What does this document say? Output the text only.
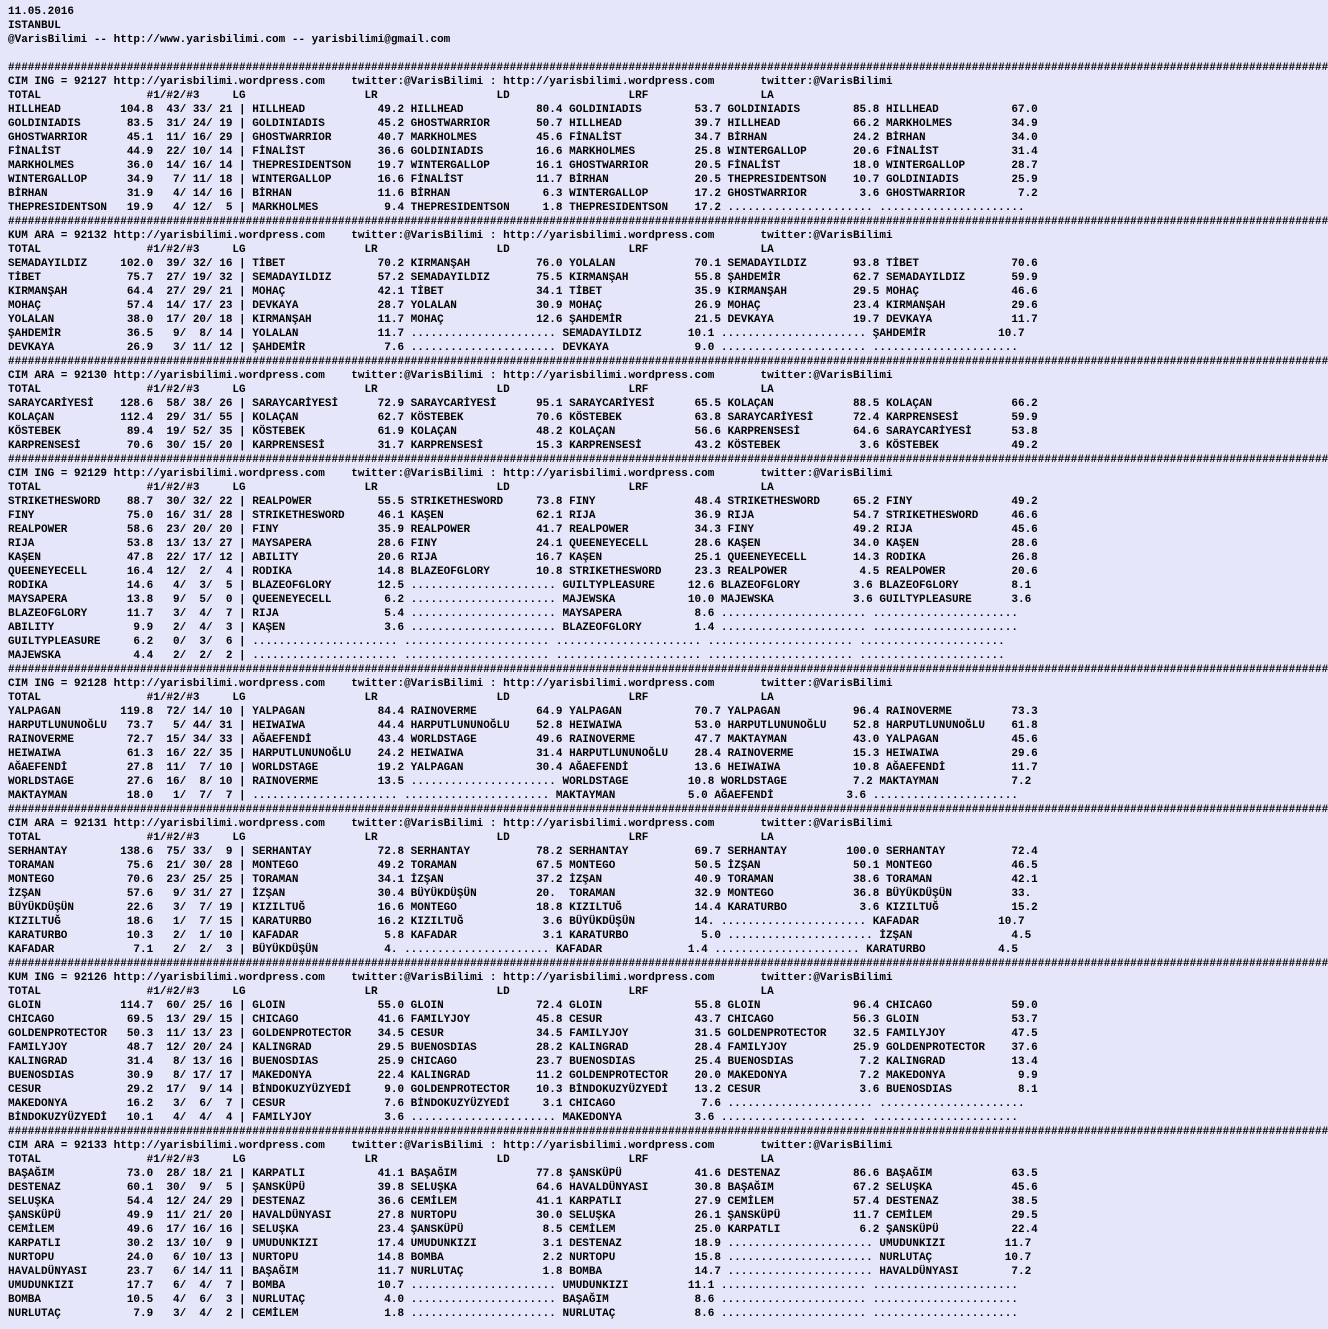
11.05.2016
ISTANBUL
@VarisBilimi -- http://www.yarisbilimi.com -- yarisbilimi@gmail.com
########################################################################################################################################################################################################
CIM ING = 92127 http://yarisbilimi.wordpress.com    twitter:@VarisBilimi : http://yarisbilimi.wordpress.com       twitter:@VarisBilimi
TOTAL                #1/#2/#3     LG                  LR                  LD                  LRF                 LA
HILLHEAD         104.8  43/ 33/ 21 | HILLHEAD           49.2 HILLHEAD           80.4 GOLDINIADIS        53.7 GOLDINIADIS        85.8 HILLHEAD           67.0
GOLDINIADIS       83.5  31/ 24/ 19 | GOLDINIADIS        45.2 GHOSTWARRIOR       50.7 HILLHEAD           39.7 HILLHEAD           66.2 MARKHOLMES         34.9
GHOSTWARRIOR      45.1  11/ 16/ 29 | GHOSTWARRIOR       40.7 MARKHOLMES         45.6 FİNALİST           34.7 BİRHAN             24.2 BİRHAN             34.0
FİNALİST          44.9  22/ 10/ 14 | FİNALİST           36.6 GOLDINIADIS        16.6 MARKHOLMES         25.8 WINTERGALLOP       20.6 FİNALİST           31.4
MARKHOLMES        36.0  14/ 16/ 14 | THEPRESIDENTSON    19.7 WINTERGALLOP       16.1 GHOSTWARRIOR       20.5 FİNALİST           18.0 WINTERGALLOP       28.7
WINTERGALLOP      34.9   7/ 11/ 18 | WINTERGALLOP       16.6 FİNALİST           11.7 BİRHAN             20.5 THEPRESIDENTSON    10.7 GOLDINIADIS        25.9
BİRHAN            31.9   4/ 14/ 16 | BİRHAN             11.6 BİRHAN              6.3 WINTERGALLOP       17.2 GHOSTWARRIOR        3.6 GHOSTWARRIOR        7.2
THEPRESIDENTSON   19.9   4/ 12/  5 | MARKHOLMES          9.4 THEPRESIDENTSON     1.8 THEPRESIDENTSON    17.2 ...................... ......................
########################################################################################################################################################################################################
KUM ARA = 92132 http://yarisbilimi.wordpress.com    twitter:@VarisBilimi : http://yarisbilimi.wordpress.com       twitter:@VarisBilimi
TOTAL                #1/#2/#3     LG                  LR                  LD                  LRF                 LA
SEMADAYILDIZ     102.0  39/ 32/ 16 | TİBET              70.2 KIRMANŞAH          76.0 YOLALAN            70.1 SEMADAYILDIZ       93.8 TİBET              70.6
TİBET             75.7  27/ 19/ 32 | SEMADAYILDIZ       57.2 SEMADAYILDIZ       75.5 KIRMANŞAH          55.8 ŞAHDEMİR           62.7 SEMADAYILDIZ       59.9
KIRMANŞAH         64.4  27/ 29/ 21 | MOHAÇ              42.1 TİBET              34.1 TİBET              35.9 KIRMANŞAH          29.5 MOHAÇ              46.6
MOHAÇ             57.4  14/ 17/ 23 | DEVKAYA            28.7 YOLALAN            30.9 MOHAÇ              26.9 MOHAÇ              23.4 KIRMANŞAH          29.6
YOLALAN           38.0  17/ 20/ 18 | KIRMANŞAH          11.7 MOHAÇ              12.6 ŞAHDEMİR           21.5 DEVKAYA            19.7 DEVKAYA            11.7
ŞAHDEMİR          36.5   9/  8/ 14 | YOLALAN            11.7 ...................... SEMADAYILDIZ       10.1 ...................... ŞAHDEMİR           10.7
DEVKAYA           26.9   3/ 11/ 12 | ŞAHDEMİR            7.6 ...................... DEVKAYA             9.0 ...................... ......................
########################################################################################################################################################################################################
CIM ARA = 92130 http://yarisbilimi.wordpress.com    twitter:@VarisBilimi : http://yarisbilimi.wordpress.com       twitter:@VarisBilimi
TOTAL                #1/#2/#3     LG                  LR                  LD                  LRF                 LA
SARAYCARİYESİ    128.6  58/ 38/ 26 | SARAYCARİYESİ      72.9 SARAYCARİYESİ      95.1 SARAYCARİYESİ      65.5 KOLAÇAN            88.5 KOLAÇAN            66.2
KOLAÇAN          112.4  29/ 31/ 55 | KOLAÇAN            62.7 KÖSTEBEK           70.6 KÖSTEBEK           63.8 SARAYCARİYESİ      72.4 KARPRENSESİ        59.9
KÖSTEBEK          89.4  19/ 52/ 35 | KÖSTEBEK           61.9 KOLAÇAN            48.2 KOLAÇAN            56.6 KARPRENSESİ        64.6 SARAYCARİYESİ      53.8
KARPRENSESİ       70.6  30/ 15/ 20 | KARPRENSESİ        31.7 KARPRENSESİ        15.3 KARPRENSESİ        43.2 KÖSTEBEK            3.6 KÖSTEBEK           49.2
########################################################################################################################################################################################################
CIM ING = 92129 http://yarisbilimi.wordpress.com    twitter:@VarisBilimi : http://yarisbilimi.wordpress.com       twitter:@VarisBilimi
TOTAL                #1/#2/#3     LG                  LR                  LD                  LRF                 LA
STRIKETHESWORD    88.7  30/ 32/ 22 | REALPOWER          55.5 STRIKETHESWORD     73.8 FINY               48.4 STRIKETHESWORD     65.2 FINY               49.2
FINY              75.0  16/ 31/ 28 | STRIKETHESWORD     46.1 KAŞEN              62.1 RIJA               36.9 RIJA               54.7 STRIKETHESWORD     46.6
REALPOWER         58.6  23/ 20/ 20 | FINY               35.9 REALPOWER          41.7 REALPOWER          34.3 FINY               49.2 RIJA               45.6
RIJA              53.8  13/ 13/ 27 | MAYSAPERA          28.6 FINY               24.1 QUEENEYECELL       28.6 KAŞEN              34.0 KAŞEN              28.6
KAŞEN             47.8  22/ 17/ 12 | ABILITY            20.6 RIJA               16.7 KAŞEN              25.1 QUEENEYECELL       14.3 RODIKA             26.8
QUEENEYECELL      16.4  12/  2/  4 | RODIKA             14.8 BLAZEOFGLORY       10.8 STRIKETHESWORD     23.3 REALPOWER           4.5 REALPOWER          20.6
RODIKA            14.6   4/  3/  5 | BLAZEOFGLORY       12.5 ...................... GUILTYPLEASURE     12.6 BLAZEOFGLORY        3.6 BLAZEOFGLORY        8.1
MAYSAPERA         13.8   9/  5/  0 | QUEENEYECELL        6.2 ...................... MAJEWSKA           10.0 MAJEWSKA            3.6 GUILTYPLEASURE      3.6
BLAZEOFGLORY      11.7   3/  4/  7 | RIJA                5.4 ...................... MAYSAPERA           8.6 ...................... ......................
ABILITY            9.9   2/  4/  3 | KAŞEN               3.6 ...................... BLAZEOFGLORY        1.4 ...................... ......................
GUILTYPLEASURE     6.2   0/  3/  6 | ...................... ...................... ...................... ...................... ......................
MAJEWSKA           4.4   2/  2/  2 | ...................... ...................... ...................... ...................... ......................
########################################################################################################################################################################################################
CIM ING = 92128 http://yarisbilimi.wordpress.com    twitter:@VarisBilimi : http://yarisbilimi.wordpress.com       twitter:@VarisBilimi
TOTAL                #1/#2/#3     LG                  LR                  LD                  LRF                 LA
YALPAGAN         119.8  72/ 14/ 10 | YALPAGAN           84.4 RAINOVERME         64.9 YALPAGAN           70.7 YALPAGAN           96.4 RAINOVERME         73.3
HARPUTLUNUNOĞLU   73.7   5/ 44/ 31 | HEIWAIWA           44.4 HARPUTLUNUNOĞLU    52.8 HEIWAIWA           53.0 HARPUTLUNUNOĞLU    52.8 HARPUTLUNUNOĞLU    61.8
RAINOVERME        72.7  15/ 34/ 33 | AĞAEFENDİ          43.4 WORLDSTAGE         49.6 RAINOVERME         47.7 MAKTAYMAN          43.0 YALPAGAN           45.6
HEIWAIWA          61.3  16/ 22/ 35 | HARPUTLUNUNOĞLU    24.2 HEIWAIWA           31.4 HARPUTLUNUNOĞLU    28.4 RAINOVERME         15.3 HEIWAIWA           29.6
AĞAEFENDİ         27.8  11/  7/ 10 | WORLDSTAGE         19.2 YALPAGAN           30.4 AĞAEFENDİ          13.6 HEIWAIWA           10.8 AĞAEFENDİ          11.7
WORLDSTAGE        27.6  16/  8/ 10 | RAINOVERME         13.5 ...................... WORLDSTAGE         10.8 WORLDSTAGE          7.2 MAKTAYMAN           7.2
MAKTAYMAN         18.0   1/  7/  7 | ...................... ...................... MAKTAYMAN           5.0 AĞAEFENDİ           3.6 ......................
########################################################################################################################################################################################################
CIM ARA = 92131 http://yarisbilimi.wordpress.com    twitter:@VarisBilimi : http://yarisbilimi.wordpress.com       twitter:@VarisBilimi
TOTAL                #1/#2/#3     LG                  LR                  LD                  LRF                 LA
SERHANTAY        138.6  75/ 33/  9 | SERHANTAY          72.8 SERHANTAY          78.2 SERHANTAY          69.7 SERHANTAY         100.0 SERHANTAY          72.4
TORAMAN           75.6  21/ 30/ 28 | MONTEGO            49.2 TORAMAN            67.5 MONTEGO            50.5 İZŞAN              50.1 MONTEGO            46.5
MONTEGO           70.6  23/ 25/ 25 | TORAMAN            34.1 İZŞAN              37.2 İZŞAN              40.9 TORAMAN            38.6 TORAMAN            42.1
İZŞAN             57.6   9/ 31/ 27 | İZŞAN              30.4 BÜYÜKDÜŞÜN         20.  TORAMAN            32.9 MONTEGO            36.8 BÜYÜKDÜŞÜN         33.
BÜYÜKDÜŞÜN        22.6   3/  7/ 19 | KIZILTUĞ           16.6 MONTEGO            18.8 KIZILTUĞ           14.4 KARATURBO           3.6 KIZILTUĞ           15.2
KIZILTUĞ          18.6   1/  7/ 15 | KARATURBO          16.2 KIZILTUĞ            3.6 BÜYÜKDÜŞÜN         14. ...................... KAFADAR            10.7
KARATURBO         10.3   2/  1/ 10 | KAFADAR             5.8 KAFADAR             3.1 KARATURBO           5.0 ...................... İZŞAN               4.5
KAFADAR            7.1   2/  2/  3 | BÜYÜKDÜŞÜN          4. ...................... KAFADAR             1.4 ...................... KARATURBO           4.5
########################################################################################################################################################################################################
KUM ING = 92126 http://yarisbilimi.wordpress.com    twitter:@VarisBilimi : http://yarisbilimi.wordpress.com       twitter:@VarisBilimi
TOTAL                #1/#2/#3     LG                  LR                  LD                  LRF                 LA
GLOIN            114.7  60/ 25/ 16 | GLOIN              55.0 GLOIN              72.4 GLOIN              55.8 GLOIN              96.4 CHICAGO            59.0
CHICAGO           69.5  13/ 29/ 15 | CHICAGO            41.6 FAMILYJOY          45.8 CESUR              43.7 CHICAGO            56.3 GLOIN              53.7
GOLDENPROTECTOR   50.3  11/ 13/ 23 | GOLDENPROTECTOR    34.5 CESUR              34.5 FAMILYJOY          31.5 GOLDENPROTECTOR    32.5 FAMILYJOY          47.5
FAMILYJOY         48.7  12/ 20/ 24 | KALINGRAD          29.5 BUENOSDIAS         28.2 KALINGRAD          28.4 FAMILYJOY          25.9 GOLDENPROTECTOR    37.6
KALINGRAD         31.4   8/ 13/ 16 | BUENOSDIAS         25.9 CHICAGO            23.7 BUENOSDIAS         25.4 BUENOSDIAS          7.2 KALINGRAD          13.4
BUENOSDIAS        30.9   8/ 17/ 17 | MAKEDONYA          22.4 KALINGRAD          11.2 GOLDENPROTECTOR    20.0 MAKEDONYA           7.2 MAKEDONYA           9.9
CESUR             29.2  17/  9/ 14 | BİNDOKUZYÜZYEDİ     9.0 GOLDENPROTECTOR    10.3 BİNDOKUZYÜZYEDİ    13.2 CESUR               3.6 BUENOSDIAS          8.1
MAKEDONYA         16.2   3/  6/  7 | CESUR               7.6 BİNDOKUZYÜZYEDİ     3.1 CHICAGO             7.6 ...................... ......................
BİNDOKUZYÜZYEDİ   10.1   4/  4/  4 | FAMILYJOY           3.6 ...................... MAKEDONYA           3.6 ...................... ......................
########################################################################################################################################################################################################
CIM ARA = 92133 http://yarisbilimi.wordpress.com    twitter:@VarisBilimi : http://yarisbilimi.wordpress.com       twitter:@VarisBilimi
TOTAL                #1/#2/#3     LG                  LR                  LD                  LRF                 LA
BAŞAĞIM           73.0  28/ 18/ 21 | KARPATLI           41.1 BAŞAĞIM            77.8 ŞANSKÜPÜ           41.6 DESTENAZ           86.6 BAŞAĞIM            63.5
DESTENAZ          60.1  30/  9/  5 | ŞANSKÜPÜ           39.8 SELUŞKA            64.6 HAVALDÜNYASI       30.8 BAŞAĞIM            67.2 SELUŞKA            45.6
SELUŞKA           54.4  12/ 24/ 29 | DESTENAZ           36.6 CEMİLEM            41.1 KARPATLI           27.9 CEMİLEM            57.4 DESTENAZ           38.5
ŞANSKÜPÜ          49.9  11/ 21/ 20 | HAVALDÜNYASI       27.8 NURTOPU            30.0 SELUŞKA            26.1 ŞANSKÜPÜ           11.7 CEMİLEM            29.5
CEMİLEM           49.6  17/ 16/ 16 | SELUŞKA            23.4 ŞANSKÜPÜ            8.5 CEMİLEM            25.0 KARPATLI            6.2 ŞANSKÜPÜ           22.4
KARPATLI          30.2  13/ 10/  9 | UMUDUNKIZI         17.4 UMUDUNKIZI          3.1 DESTENAZ           18.9 ...................... UMUDUNKIZI         11.7
NURTOPU           24.0   6/ 10/ 13 | NURTOPU            14.8 BOMBA               2.2 NURTOPU            15.8 ...................... NURLUTAÇ           10.7
HAVALDÜNYASI      23.7   6/ 14/ 11 | BAŞAĞIM            11.7 NURLUTAÇ            1.8 BOMBA              14.7 ...................... HAVALDÜNYASI        7.2
UMUDUNKIZI        17.7   6/  4/  7 | BOMBA              10.7 ...................... UMUDUNKIZI         11.1 ...................... ......................
BOMBA             10.5   4/  6/  3 | NURLUTAÇ            4.0 ...................... BAŞAĞIM             8.6 ...................... ......................
NURLUTAÇ           7.9   3/  4/  2 | CEMİLEM             1.8 ...................... NURLUTAÇ            8.6 ...................... ......................
